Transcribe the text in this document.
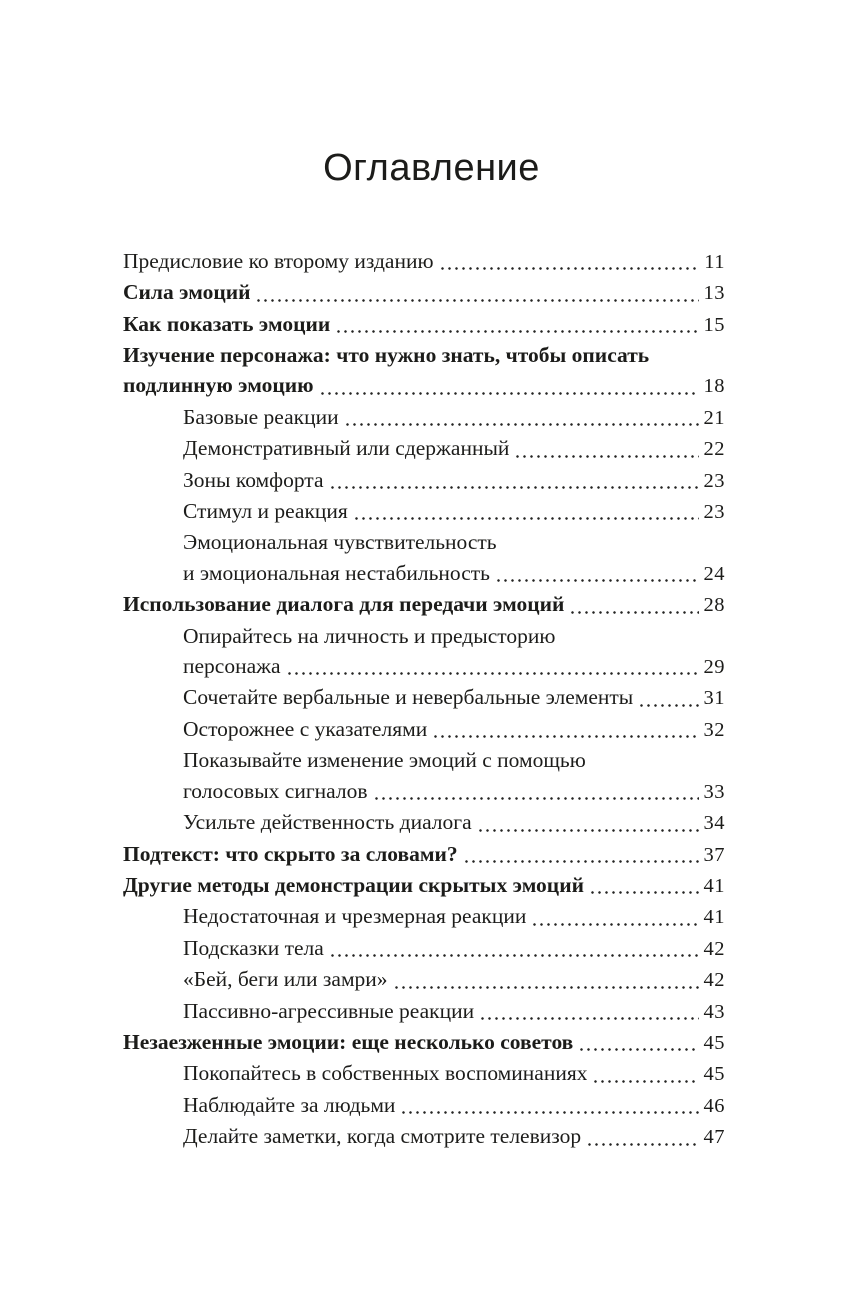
Оглавление
Предисловие ко второму изданию	11
Сила эмоций	13
Как показать эмоции	15
Изучение персонажа: что нужно знать, чтобы описать
подлинную эмоцию	18
Базовые реакции	21
Демонстративный или сдержанный	22
Зоны комфорта	23
Стимул и реакция	23
Эмоциональная чувствительность
и эмоциональная нестабильность	24
Использование диалога для передачи эмоций	28
Опирайтесь на личность и предысторию
персонажа	29
Сочетайте вербальные и невербальные элементы	31
Осторожнее с указателями	32
Показывайте изменение эмоций с помощью
голосовых сигналов	33
Усильте действенность диалога	34
Подтекст: что скрыто за словами?	37
Другие методы демонстрации скрытых эмоций	41
Недостаточная и чрезмерная реакции	41
Подсказки тела	42
«Бей, беги или замри»	42
Пассивно-агрессивные реакции	43
Незаезженные эмоции: еще несколько советов	45
Покопайтесь в собственных воспоминаниях	45
Наблюдайте за людьми	46
Делайте заметки, когда смотрите телевизор	47
